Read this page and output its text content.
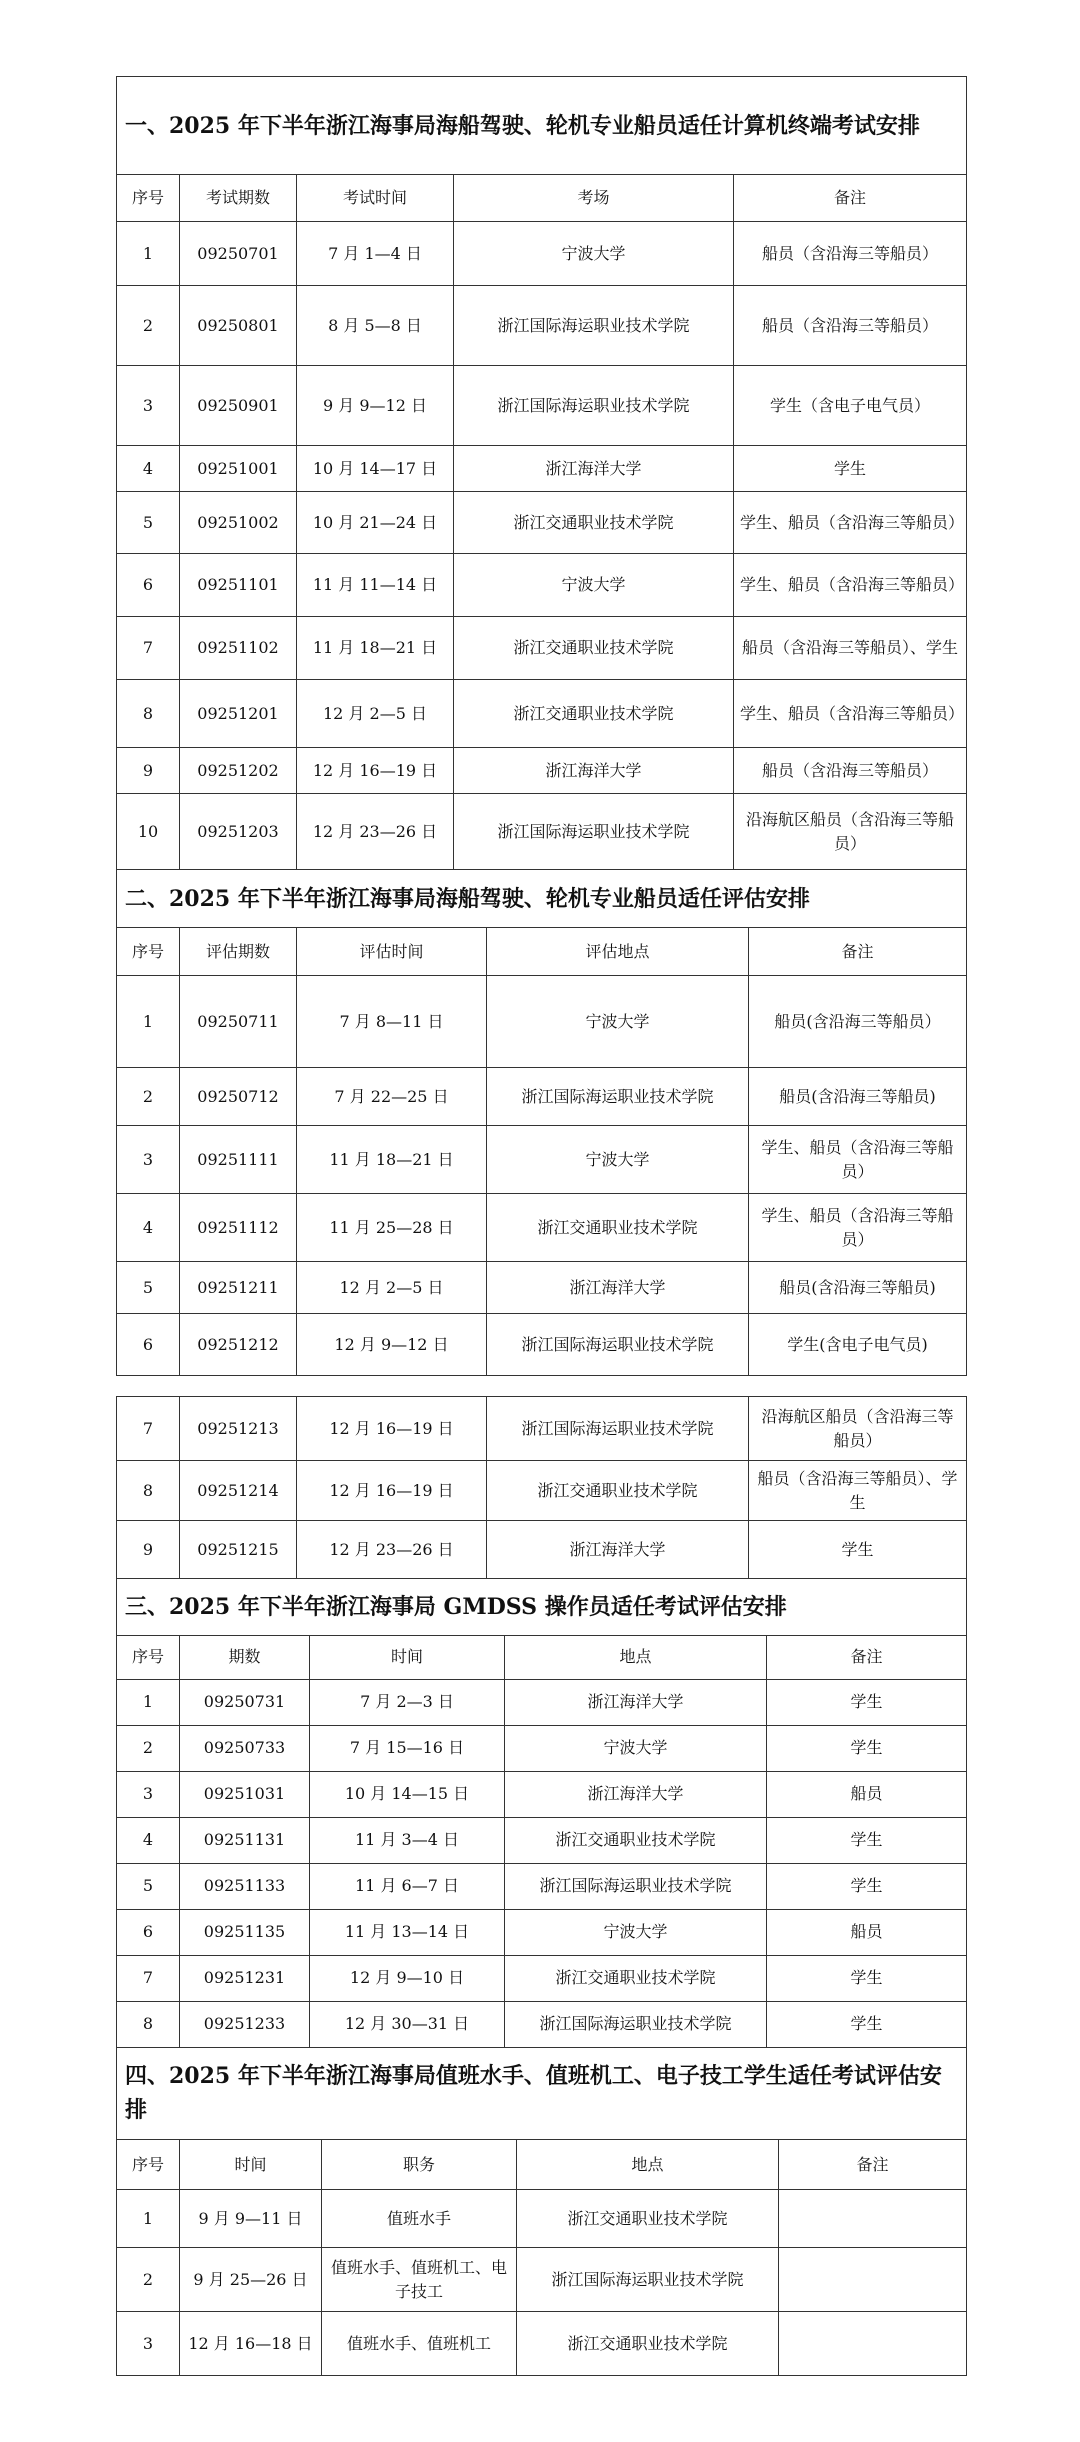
一、2025 年下半年浙江海事局海船驾驶、轮机专业船员适任计算机终端考试安排				
序号	考试期数	考试时间	考场	备注
1	09250701	7 月 1—4 日	宁波大学	船员（含沿海三等船员）
2	09250801	8 月 5—8 日	浙江国际海运职业技术学院	船员（含沿海三等船员）
3	09250901	9 月 9—12 日	浙江国际海运职业技术学院	学生（含电子电气员）
4	09251001	10 月 14—17 日	浙江海洋大学	学生
5	09251002	10 月 21—24 日	浙江交通职业技术学院	学生、船员（含沿海三等船员）
6	09251101	11 月 11—14 日	宁波大学	学生、船员（含沿海三等船员）
7	09251102	11 月 18—21 日	浙江交通职业技术学院	船员（含沿海三等船员）、学生
8	09251201	12 月 2—5 日	浙江交通职业技术学院	学生、船员（含沿海三等船员）
9	09251202	12 月 16—19 日	浙江海洋大学	船员（含沿海三等船员）
10	09251203	12 月 23—26 日	浙江国际海运职业技术学院	沿海航区船员（含沿海三等船员）
二、2025 年下半年浙江海事局海船驾驶、轮机专业船员适任评估安排				
序号	评估期数	评估时间	评估地点	备注
1	09250711	7 月 8—11 日	宁波大学	船员(含沿海三等船员）
2	09250712	7 月 22—25 日	浙江国际海运职业技术学院	船员(含沿海三等船员)
3	09251111	11 月 18—21 日	宁波大学	学生、船员（含沿海三等船员）
4	09251112	11 月 25—28 日	浙江交通职业技术学院	学生、船员（含沿海三等船员）
5	09251211	12 月 2—5 日	浙江海洋大学	船员(含沿海三等船员)
6	09251212	12 月 9—12 日	浙江国际海运职业技术学院	学生(含电子电气员)
7	09251213	12 月 16—19 日	浙江国际海运职业技术学院	沿海航区船员（含沿海三等船员）
8	09251214	12 月 16—19 日	浙江交通职业技术学院	船员（含沿海三等船员）、学生
9	09251215	12 月 23—26 日	浙江海洋大学	学生
三、2025 年下半年浙江海事局 GMDSS 操作员适任考试评估安排				
序号	期数	时间	地点	备注
1	09250731	7 月 2—3 日	浙江海洋大学	学生
2	09250733	7 月 15—16 日	宁波大学	学生
3	09251031	10 月 14—15 日	浙江海洋大学	船员
4	09251131	11 月 3—4 日	浙江交通职业技术学院	学生
5	09251133	11 月 6—7 日	浙江国际海运职业技术学院	学生
6	09251135	11 月 13—14 日	宁波大学	船员
7	09251231	12 月 9—10 日	浙江交通职业技术学院	学生
8	09251233	12 月 30—31 日	浙江国际海运职业技术学院	学生
四、2025 年下半年浙江海事局值班水手、值班机工、电子技工学生适任考试评估安排				
序号	时间	职务	地点	备注
1	9 月 9—11 日	值班水手	浙江交通职业技术学院	
2	9 月 25—26 日	值班水手、值班机工、电子技工	浙江国际海运职业技术学院	
3	12 月 16—18 日	值班水手、值班机工	浙江交通职业技术学院	
